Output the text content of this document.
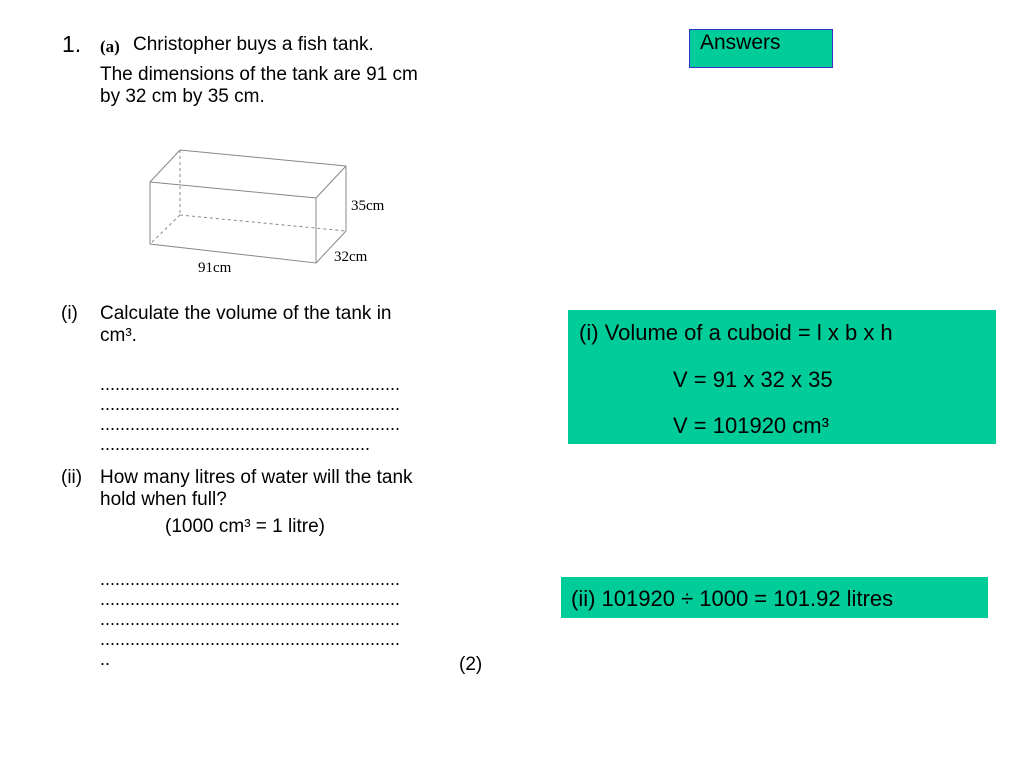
1. (a) Christopher buys a fish tank.
The dimensions of the tank are 91 cm
by 32 cm by 35 cm.
35cm
32cm
91cm
(i) Calculate the volume of the tank in
cm³.
............................................................
............................................................
............................................................
......................................................
(ii) How many litres of water will the tank
hold when full?
(1000 cm³ = 1 litre)
............................................................
............................................................
............................................................
............................................................
..	(2)
Answers
(i) Volume of a cuboid = l x b x h
V = 91 x 32 x 35
V = 101920 cm³
(ii) 101920 ÷ 1000 = 101.92 litres
